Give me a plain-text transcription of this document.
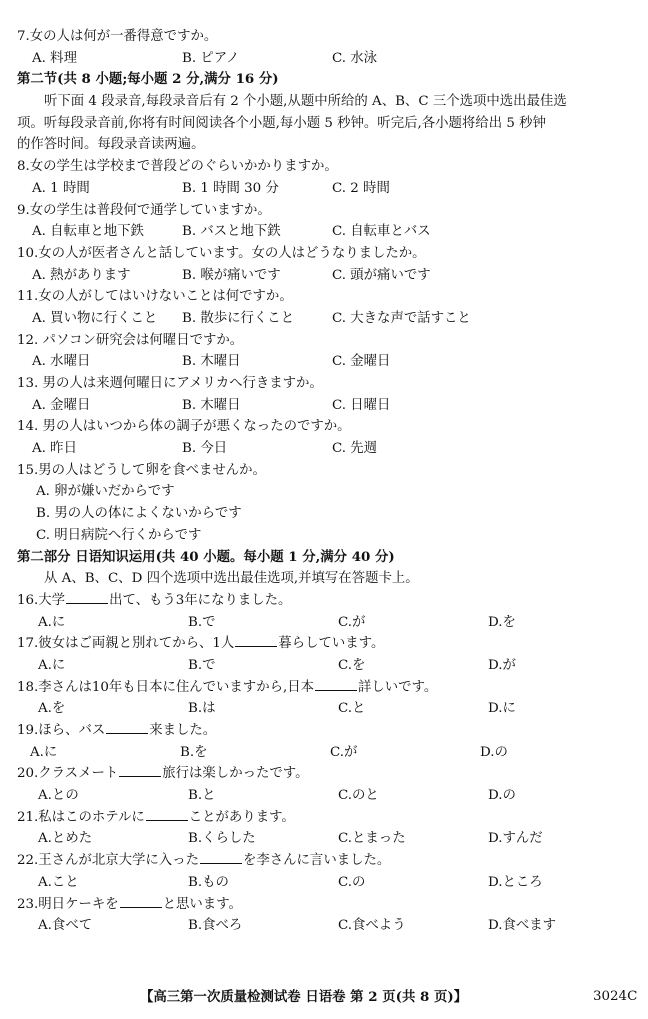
7.女の人は何が一番得意ですか。
A. 料理	B. ピアノ	C. 水泳
第二节(共 8 小题;每小题 2 分,满分 16 分)
听下面 4 段录音,每段录音后有 2 个小题,从题中所给的 A、B、C 三个选项中选出最佳选
项。听每段录音前,你将有时间阅读各个小题,每小题 5 秒钟。听完后,各小题将给出 5 秒钟
的作答时间。每段录音读两遍。
8.女の学生は学校まで普段どのぐらいかかりますか。
A. 1 時間	B. 1 時間 30 分	C. 2 時間
9.女の学生は普段何で通学していますか。
A. 自転車と地下鉄	B. バスと地下鉄	C. 自転車とバス
10.女の人が医者さんと話しています。女の人はどうなりましたか。
A. 熱があります	B. 喉が痛いです	C. 頭が痛いです
11.女の人がしてはいけないことは何ですか。
A. 買い物に行くこと B. 散歩に行くこと	C. 大きな声で話すこと
12. パソコン研究会は何曜日ですか。
A. 水曜日	B. 木曜日	C. 金曜日
13. 男の人は来週何曜日にアメリカへ行きますか。
A. 金曜日	B. 木曜日	C. 日曜日
14. 男の人はいつから体の調子が悪くなったのですか。
A. 昨日	B. 今日	C. 先週
15.男の人はどうして卵を食べませんか。
A. 卵が嫌いだからです
B. 男の人の体によくないからです
C. 明日病院へ行くからです
第二部分 日语知识运用(共 40 小题。每小题 1 分,满分 40 分)
从 A、B、C、D 四个选项中选出最佳选项,并填写在答题卡上。
16.大学	出て、もう3年になりました。
A.に	B.で	C.が	D.を
17.彼女はご両親と別れてから、1人	暮らしています。
A.に	B.で	C.を	D.が
18.李さんは10年も日本に住んでいますから,日本	詳しいです。
A.を	B.は	C.と	D.に
19.ほら、バス	来ました。
A.に	B.を	C.が	D.の
20.クラスメート	旅行は楽しかったです。
A.との	B.と	C.のと	D.の
21.私はこのホテルに	ことがあります。
A.とめた	B.くらした	C.とまった	D.すんだ
22.王さんが北京大学に入った	を李さんに言いました。
A.こと	B.もの	C.の	D.ところ
23.明日ケーキを	と思います。
A.食べて	B.食べろ	C.食べよう	D.食べます
【高三第一次质量检测试卷 日语卷 第 2 页(共 8 页)】	3024C
